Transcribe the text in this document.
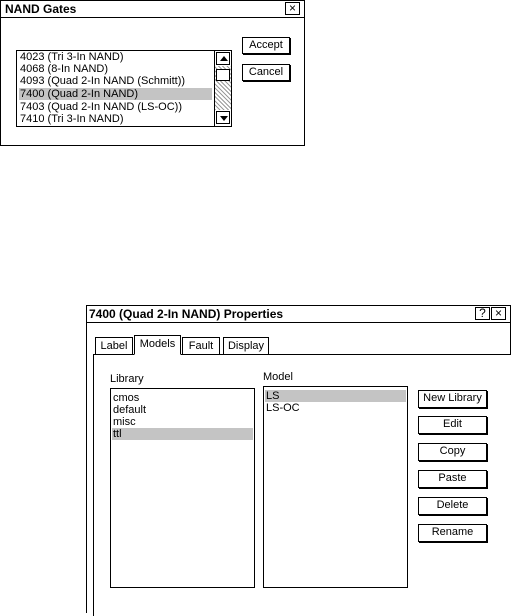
NAND Gates	×
4023 (Tri 3-In NAND)
4068 (8-In NAND)
4093 (Quad 2-In NAND (Schmitt))
7400 (Quad 2-In NAND)
7403 (Quad 2-In NAND (LS-OC))
7410 (Tri 3-In NAND)
Accept
Cancel
7400 (Quad 2-In NAND) Properties	? ×
Label	Models	Fault	Display
Library
cmos
default
misc
ttl
Model
LS
LS-OC
New Library
Edit
Copy
Paste
Delete
Rename
